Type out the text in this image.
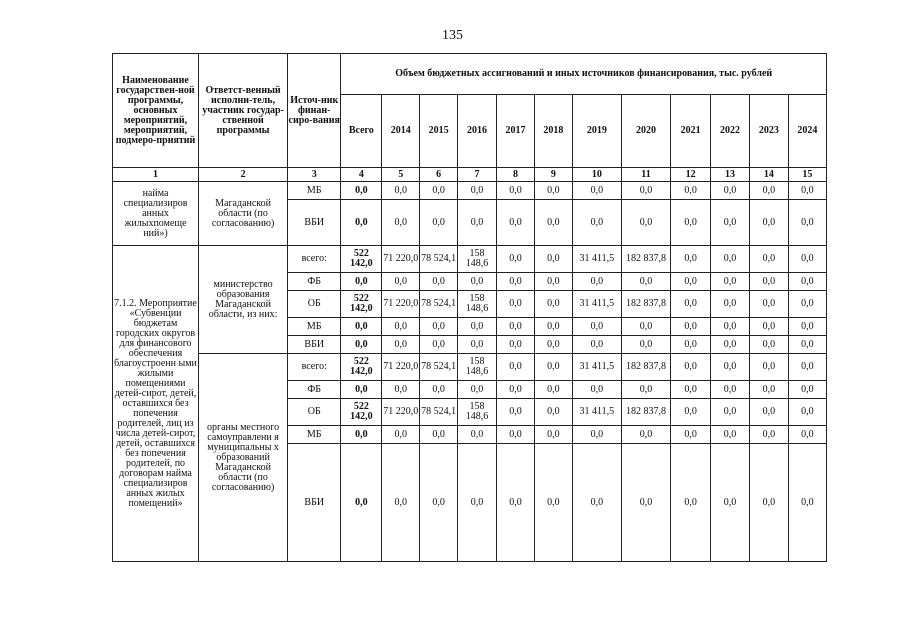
135
Наименование государствен-ной программы, основных мероприятий, мероприятий, подмеро-приятий	Ответст-венный исполни-тель, участник государ-ственной программы	Источ-ник финан-сиро-вания	Объем бюджетных ассигнований и иных источников финансирования, тыс. рублей											
			Всего	2014	2015	2016	2017	2018	2019	2020	2021	2022	2023	2024
1	2	3	4	5	6	7	8	9	10	11	12	13	14	15
найма специализиров анных жилыхпомеще ний»)	Магаданской области (по согласованию)	МБ	0,0	0,0	0,0	0,0	0,0	0,0	0,0	0,0	0,0	0,0	0,0	0,0
		ВБИ	0,0	0,0	0,0	0,0	0,0	0,0	0,0	0,0	0,0	0,0	0,0	0,0
7.1.2. Мероприятие «Субвенции бюджетам городских округов для финансового обеспечения благоустроенн ыми жилыми помещениями детей-сирот, детей, оставшихся без попечения родителей, лиц из числа детей-сирот, детей, оставшихся без попечения родителей, по договорам найма специализиров анных жилых помещений»	министерство образования Магаданской области, из них:	всего:	522 142,0	71 220,0	78 524,1	158 148,6	0,0	0,0	31 411,5	182 837,8	0,0	0,0	0,0	0,0
		ФБ	0,0	0,0	0,0	0,0	0,0	0,0	0,0	0,0	0,0	0,0	0,0	0,0
		ОБ	522 142,0	71 220,0	78 524,1	158 148,6	0,0	0,0	31 411,5	182 837,8	0,0	0,0	0,0	0,0
		МБ	0,0	0,0	0,0	0,0	0,0	0,0	0,0	0,0	0,0	0,0	0,0	0,0
		ВБИ	0,0	0,0	0,0	0,0	0,0	0,0	0,0	0,0	0,0	0,0	0,0	0,0
	органы местного самоуправлени я муниципальны х образований Магаданской области (по согласованию)	всего:	522 142,0	71 220,0	78 524,1	158 148,6	0,0	0,0	31 411,5	182 837,8	0,0	0,0	0,0	0,0
		ФБ	0,0	0,0	0,0	0,0	0,0	0,0	0,0	0,0	0,0	0,0	0,0	0,0
		ОБ	522 142,0	71 220,0	78 524,1	158 148,6	0,0	0,0	31 411,5	182 837,8	0,0	0,0	0,0	0,0
		МБ	0,0	0,0	0,0	0,0	0,0	0,0	0,0	0,0	0,0	0,0	0,0	0,0
		ВБИ	0,0	0,0	0,0	0,0	0,0	0,0	0,0	0,0	0,0	0,0	0,0	0,0
